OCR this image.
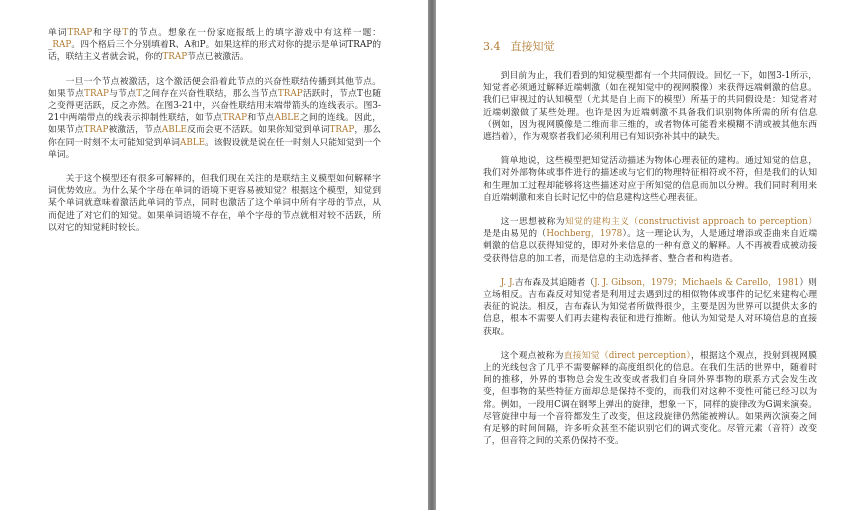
单词TRAP和字母T的节点。想象在一份家庭报纸上的填字游戏中有这样一题：_RAP。四个格后三个分别填着R、A和P。如果这样的形式对你的提示是单词TRAP的话，联结主义者就会说，你的TRAP节点已被激活。

一旦一个节点被激活，这个激活便会沿着此节点的兴奋性联结传播到其他节点。如果节点TRAP与节点T之间存在兴奋性联结，那么当节点TRAP活跃时，节点T也随之变得更活跃，反之亦然。在图3-21中，兴奋性联结用末端带箭头的连线表示。图3-21中两端带点的线表示抑制性联结，如节点TRAP和节点ABLE之间的连线。因此，如果节点TRAP被激活，节点ABLE反而会更不活跃。如果你知觉到单词TRAP，那么你在同一时刻不太可能知觉到单词ABLE。该假设就是说在任一时刻人只能知觉到一个单词。

关于这个模型还有很多可解释的，但我们现在关注的是联结主义模型如何解释字词优势效应。为什么某个字母在单词的语境下更容易被知觉？根据这个模型，知觉到某个单词就意味着激活此单词的节点，同时也激活了这个单词中所有字母的节点，从而促进了对它们的知觉。如果单词语境不存在，单个字母的节点就相对较不活跃，所以对它的知觉耗时较长。

3.4 直接知觉

到目前为止，我们看到的知觉模型都有一个共同假设。回忆一下，如图3-1所示，知觉者必须通过解释近端刺激（如在视知觉中的视网膜像）来获得远端刺激的信息。我们已审视过的认知模型（尤其是自上而下的模型）所基于的共同假设是：知觉者对近端刺激做了某些处理。也许是因为近端刺激不具备我们识别物体所需的所有信息（例如，因为视网膜像是二维而非三维的，或者物体可能看来模糊不清或被其他东西遮挡着），作为观察者我们必须利用已有知识弥补其中的缺失。

简单地说，这些模型把知觉活动描述为物体心理表征的建构。通过知觉的信息，我们对外部物体或事件进行的描述或与它们的物理特征相符或不符，但是我们的认知和生理加工过程却能够将这些描述对应于所知觉的信息而加以分辨。我们同时利用来自近端刺激和来自长时记忆中的信息建构这些心理表征。

这一思想被称为知觉的建构主义（constructivist approach to perception）是是由易见的（Hochberg，1978）。这一理论认为，人是通过增添或歪曲来自近端刺激的信息以获得知觉的，即对外来信息的一种有意义的解释。人不再被看成被动接受获得信息的加工者，而是信息的主动选择者、整合者和构造者。

J. J.吉布森及其追随者（J. J. Gibson，1979；Michaels & Carello，1981）则立场相反。吉布森反对知觉者是利用过去遇到过的相似物体或事件的记忆来建构心理表征的说法。相反，吉布森认为知觉者所做得很少，主要是因为世界可以提供太多的信息，根本不需要人们再去建构表征和进行推断。他认为知觉是人对环境信息的直接获取。

这个观点被称为直接知觉（direct perception），根据这个观点，投射到视网膜上的光线包含了几乎不需要解释的高度组织化的信息。在我们生活的世界中，随着时间的推移，外界的事物总会发生改变或者我们自身同外界事物的联系方式会发生改变，但事物的某些特征方面却总是保持不变的，而我们对这种不变性可能已经习以为常。例如，一段用C调在钢琴上弹出的旋律，想象一下，同样的旋律改为G调来演奏。尽管旋律中每一个音符都发生了改变，但这段旋律仍然能被辨认。如果两次演奏之间有足够的时间间隔，许多听众甚至不能识别它们的调式变化。尽管元素（音符）改变了，但音符之间的关系仍保持不变。
